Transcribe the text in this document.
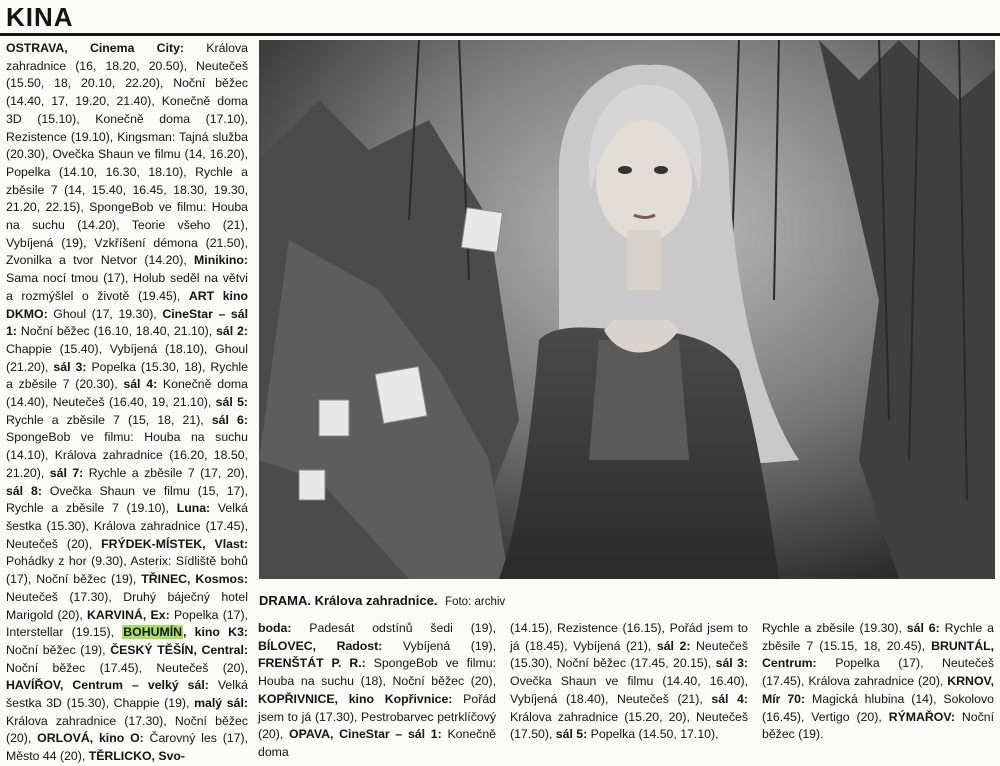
KINA

OSTRAVA, Cinema City: Králova zahradnice (16, 18.20, 20.50), Neutečeš (15.50, 18, 20.10, 22.20), Noční běžec (14.40, 17, 19.20, 21.40), Konečně doma 3D (15.10), Konečně doma (17.10), Rezistence (19.10), Kingsman: Tajná služba (20.30), Ovečka Shaun ve filmu (14, 16.20), Popelka (14.10, 16.30, 18.10), Rychle a zběsile 7 (14, 15.40, 16.45, 18.30, 19.30, 21.20, 22.15), SpongeBob ve filmu: Houba na suchu (14.20), Teorie všeho (21), Vybíjená (19), Vzkříšení démona (21.50), Zvonilka a tvor Netvor (14.20), Minikino: Sama nocí tmou (17), Holub seděl na větvi a rozmýšlel o životě (19.45), ART kino DKMO: Ghoul (17, 19.30), CineStar – sál 1: Noční běžec (16.10, 18.40, 21.10), sál 2: Chappie (15.40), Vybíjená (18.10), Ghoul (21.20), sál 3: Popelka (15.30, 18), Rychle a zběsile 7 (20.30), sál 4: Konečně doma (14.40), Neutečeš (16.40, 19, 21.10), sál 5: Rychle a zběsile 7 (15, 18, 21), sál 6: SpongeBob ve filmu: Houba na suchu (14.10), Králova zahradnice (16.20, 18.50, 21.20), sál 7: Rychle a zběsile 7 (17, 20), sál 8: Ovečka Shaun ve filmu (15, 17), Rychle a zběsile 7 (19.10), Luna: Velká šestka (15.30), Králova zahradnice (17.45), Neutečeš (20), FRÝDEK-MÍSTEK, Vlast: Pohádky z hor (9.30), Asterix: Sídliště bohů (17), Noční běžec (19), TŘINEC, Kosmos: Neutečeš (17.30), Druhý báječný hotel Marigold (20), KARVINÁ, Ex: Popelka (17), Interstellar (19.15), BOHUMÍN, kino K3: Noční běžec (19), ČESKÝ TĚŠÍN, Central: Noční běžec (17.45), Neutečeš (20), HAVÍŘOV, Centrum – velký sál: Velká šestka 3D (15.30), Chappie (19), malý sál: Králova zahradnice (17.30), Noční běžec (20), ORLOVÁ, kino O: Čarovný les (17), Město 44 (20), TĚRLICKO, Svo-

DRAMA. Králova zahradnice. Foto: archiv

boda: Padesát odstínů šedi (19), BÍLOVEC, Radost: Vybíjená (19), FRENŠTÁT P. R.: SpongeBob ve filmu: Houba na suchu (18), Noční běžec (20), KOPŘIVNICE, kino Kopřivnice: Pořád jsem to já (17.30), Pestrobarvec petrklíčový (20), OPAVA, CineStar – sál 1: Konečně doma

(14.15), Rezistence (16.15), Pořád jsem to já (18.45), Vybíjená (21), sál 2: Neutečeš (15.30), Noční běžec (17.45, 20.15), sál 3: Ovečka Shaun ve filmu (14.40, 16.40), Vybíjená (18.40), Neutečeš (21), sál 4: Králova zahradnice (15.20, 20), Neutečeš (17.50), sál 5: Popelka (14.50, 17.10),

Rychle a zběsile (19.30), sál 6: Rychle a zběsile 7 (15.15, 18, 20.45), BRUNTÁL, Centrum: Popelka (17), Neutečeš (17.45), Králova zahradnice (20), KRNOV, Mír 70: Magická hlubina (14), Sokolovo (16.45), Vertigo (20), RÝMAŘOV: Noční běžec (19).
